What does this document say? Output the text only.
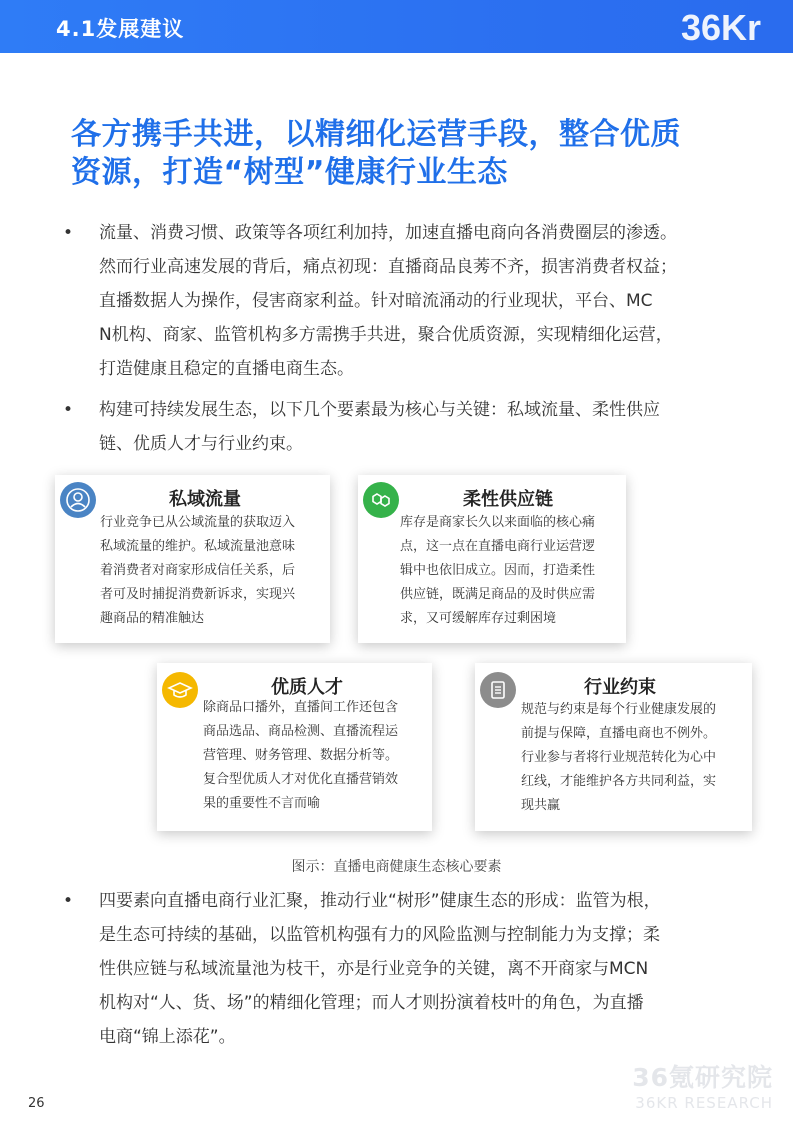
4.1发展建议	36Kr
各方携手共进，以精细化运营手段，整合优质
资源，打造“树型”健康行业生态
•	流量、消费习惯、政策等各项红利加持，加速直播电商向各消费圈层的渗透。
然而行业高速发展的背后，痛点初现：直播商品良莠不齐，损害消费者权益；
直播数据人为操作，侵害商家利益。针对暗流涌动的行业现状，平台、MC
N机构、商家、监管机构多方需携手共进，聚合优质资源，实现精细化运营，
打造健康且稳定的直播电商生态。
•	构建可持续发展生态，以下几个要素最为核心与关键：私域流量、柔性供应
链、优质人才与行业约束。
私域流量
行业竞争已从公域流量的获取迈入
私域流量的维护。私域流量池意味
着消费者对商家形成信任关系，后
者可及时捕捉消费新诉求，实现兴
趣商品的精准触达
柔性供应链
库存是商家长久以来面临的核心痛
点，这一点在直播电商行业运营逻
辑中也依旧成立。因而，打造柔性
供应链，既满足商品的及时供应需
求，又可缓解库存过剩困境
优质人才
除商品口播外，直播间工作还包含
商品选品、商品检测、直播流程运
营管理、财务管理、数据分析等。
复合型优质人才对优化直播营销效
果的重要性不言而喻
行业约束
规范与约束是每个行业健康发展的
前提与保障，直播电商也不例外。
行业参与者将行业规范转化为心中
红线，才能维护各方共同利益，实
现共赢
图示：直播电商健康生态核心要素
•	四要素向直播电商行业汇聚，推动行业“树形”健康生态的形成：监管为根，
是生态可持续的基础，以监管机构强有力的风险监测与控制能力为支撑；柔
性供应链与私域流量池为枝干，亦是行业竞争的关键，离不开商家与MCN
机构对“人、货、场”的精细化管理；而人才则扮演着枝叶的角色，为直播
电商“锦上添花”。
36氪研究院
36KR RESEARCH
26
